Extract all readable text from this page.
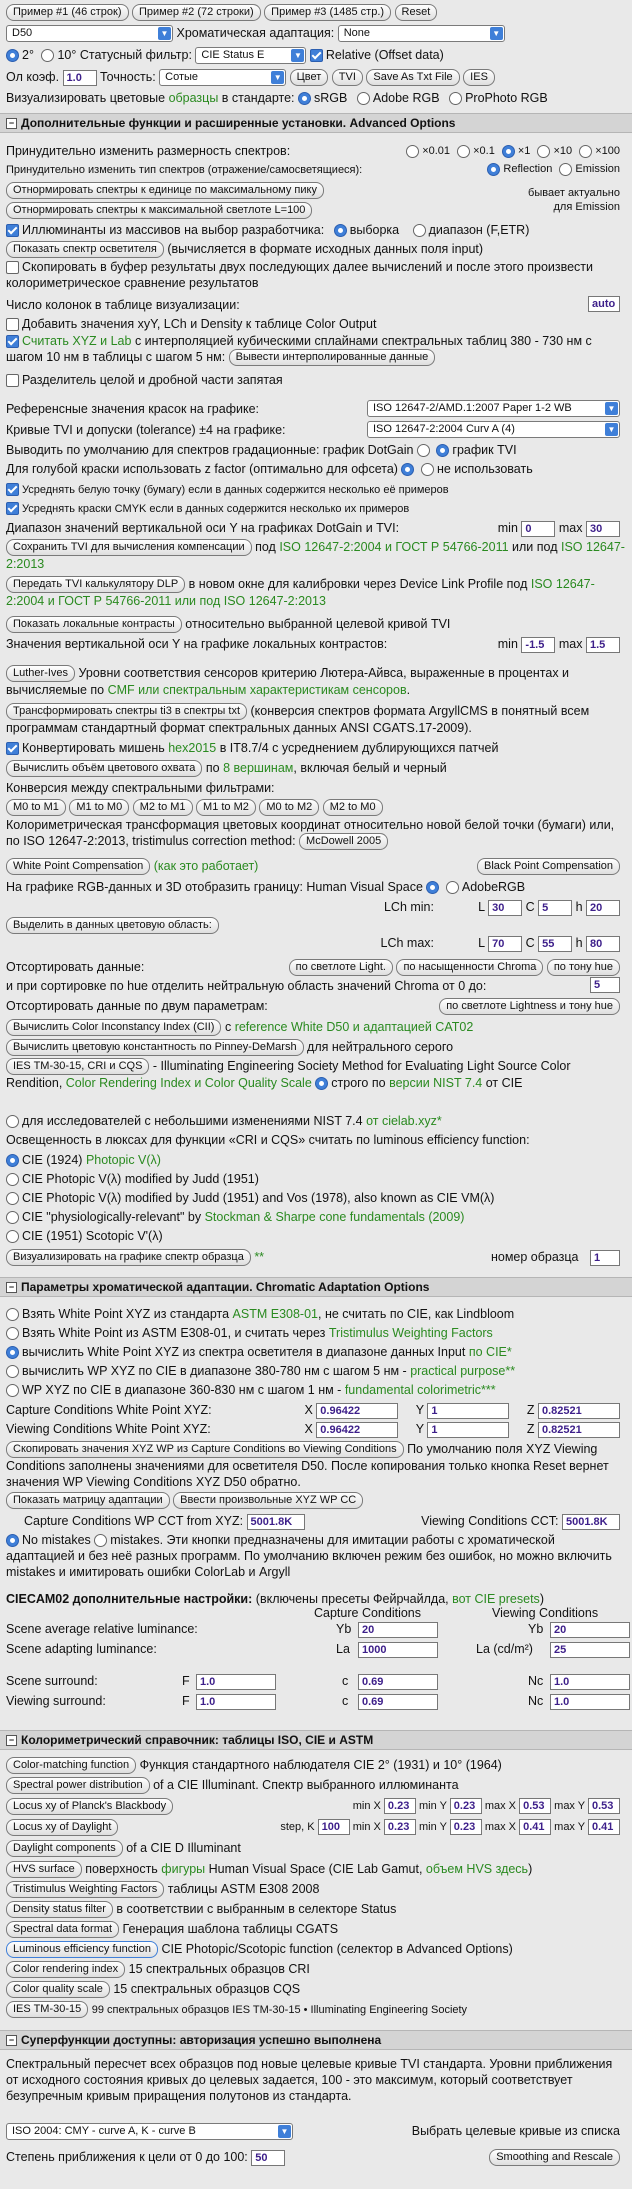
Пример #1 (46 строк) Пример #2 (72 строки) Пример #3 (1485 стр.) Reset
D50	▼ Хроматическая адаптация: None	▼
2° 10° Статусный фильтр: CIE Status E	▼ Relative (Offset data)
Ол коэф. 1.0 Точность: Сотые	▼ Цвет TVI Save As Txt File IES
Визуализировать цветовые образцы в стандарте: sRGB Adobe RGB ProPhoto RGB
− Дополнительные функции и расширенные установки. Advanced Options
Принудительно изменить размерность спектров:	×0.01 ×0.1 ×1 ×10 ×100
Принудительно изменить тип спектров (отражение/самосветящиеся):	Reflection Emission
Отнормировать спектры к единице по максимальному пику	бывает актуально
Отнормировать спектры к максимальной светлоте L=100	для Emission
Иллюминанты из массивов на выбор разработчика: выборка диапазон (F,ETR)
Показать спектр осветителя (вычисляется в формате исходных данных поля input)
Скопировать в буфер результаты двух последующих далее вычислений и после этого произвести колориметрическое сравнение результатов
Число колонок в таблице визуализации:	auto
Добавить значения xyY, LCh и Density к таблице Color Output
Считать XYZ и Lab с интерполяцией кубическими сплайнами спектральных таблиц 380 - 730 нм с шагом 10 нм в таблицы с шагом 5 нм: Вывести интерполированные данные
Разделитель целой и дробной части запятая
Референсные значения красок на графике:	ISO 12647-2/AMD.1:2007 Paper 1-2 WB	▼
Кривые TVI и допуски (tolerance) ±4 на графике:	ISO 12647-2:2004 Curv A (4)	▼
Выводить по умолчанию для спектров градационные: график DotGain	график TVI
Для голубой краски использовать z factor (оптимально для офсета)	не использовать
Усреднять белую точку (бумагу) если в данных содержится несколько её примеров
Усреднять краски CMYK если в данных содержится несколько их примеров
Диапазон значений вертикальной оси Y на графиках DotGain и TVI:	min 0 max 30
Сохранить TVI для вычисления компенсации под ISO 12647-2:2004 и ГОСТ Р 54766-2011 или под ISO 12647-2:2013
Передать TVI калькулятору DLP в новом окне для калибровки через Device Link Profile под ISO 12647-2:2004 и ГОСТ Р 54766-2011 или под ISO 12647-2:2013
Показать локальные контрасты относительно выбранной целевой кривой TVI
Значения вертикальной оси Y на графике локальных контрастов:	min -1.5 max 1.5
Luther-Ives Уровни соответствия сенсоров критерию Лютера-Айвса, выраженные в процентах и вычисляемые по CMF или спектральным характеристикам сенсоров.
Трансформировать спектры ti3 в спектры txt (конверсия спектров формата ArgyllCMS в понятный всем программам стандартный формат спектральных данных ANSI CGATS.17-2009).
Конвертировать мишень hex2015 в IT8.7/4 с усреднением дублирующихся патчей
Вычислить объём цветового охвата по 8 вершинам, включая белый и черный
Конверсия между спектральными фильтрами:
M0 to M1 M1 to M0 M2 to M1 M1 to M2 M0 to M2 M2 to M0
Колориметрическая трансформация цветовых координат относительно новой белой точки (бумаги) или, по ISO 12647-2:2013, tristimulus correction method: McDowell 2005
White Point Compensation (как это работает)	Black Point Compensation
На графике RGB-данных и 3D отобразить границу: Human Visual Space	AdobeRGB
LCh min:	L 30 C 5 h 20
Выделить в данных цветовую область:
LCh max:	L 70 C 55 h 80
Отсортировать данные:	по светлоте Light. по насыщенности Chroma по тону hue
и при сортировке по hue отделить нейтральную область значений Chroma от 0 до:	5
Отсортировать данные по двум параметрам:	по светлоте Lightness и тону hue
Вычислить Color Inconstancy Index (CII) с reference White D50 и адаптацией CAT02
Вычислить цветовую константность по Pinney-DeMarsh для нейтрального серого
IES TM-30-15, CRI и CQS - Illuminating Engineering Society Method for Evaluating Light Source Color Rendition, Color Rendering Index и Color Quality Scale строго по версии NIST 7.4 от CIE
для исследователей с небольшими изменениями NIST 7.4 от cielab.xyz*
Освещенность в люксах для функции «CRI и CQS» считать по luminous efficiency function:
CIE (1924) Photopic V(λ)
CIE Photopic V(λ) modified by Judd (1951)
CIE Photopic V(λ) modified by Judd (1951) and Vos (1978), also known as CIE VM(λ)
CIE "physiologically-relevant" by Stockman & Sharpe cone fundamentals (2009)
CIE (1951) Scotopic V'(λ)
Визуализировать на графике спектр образца **	номер образца 1
− Параметры хроматической адаптации. Chromatic Adaptation Options
Взять White Point XYZ из стандарта ASTM E308-01, не считать по CIE, как Lindbloom
Взять White Point из ASTM E308-01, и считать через Tristimulus Weighting Factors
вычислить White Point XYZ из спектра осветителя в диапазоне данных Input по CIE*
вычислить WP XYZ по CIE в диапазоне 380-780 нм с шагом 5 нм - practical purpose**
WP XYZ по CIE в диапазоне 360-830 нм с шагом 1 нм - fundamental colorimetric***
Capture Conditions White Point XYZ:	X 0.96422	Y 1	Z 0.82521
Viewing Conditions White Point XYZ:	X 0.96422	Y 1	Z 0.82521
Скопировать значения XYZ WP из Capture Conditions во Viewing Conditions По умолчанию поля XYZ Viewing Conditions заполнены значениями для осветителя D50. После копирования только кнопка Reset вернет значения WP Viewing Conditions XYZ D50 обратно.
Показать матрицу адаптации Ввести произвольные XYZ WP CC
Capture Conditions WP CCT from XYZ: 5001.8K	Viewing Conditions CCT: 5001.8K
No mistakes mistakes. Эти кнопки предназначены для имитации работы с хроматической адаптацией и без неё разных программ. По умолчанию включен режим без ошибок, но можно включить mistakes и имитировать ошибки ColorLab и Argyll
CIECAM02 дополнительные настройки: (включены пресеты Фейрчайлда, вот CIE presets)
Capture Conditions	Viewing Conditions
Scene average relative luminance:	Yb 20	Yb 20
Scene adapting luminance:	La	1000	La (cd/m²)	25
Scene surround:	F 1.0	c	0.69	Nc 1.0
Viewing surround:	F 1.0	c	0.69	Nc 1.0
− Колориметрический справочник: таблицы ISO, CIE и ASTM
Color-matching function Функция стандартного наблюдателя CIE 2° (1931) и 10° (1964)
Spectral power distribution of a CIE Illuminant. Спектр выбранного иллюминанта
Locus xy of Planck's Blackbody	min X 0.23 min Y 0.23 max X 0.53 max Y 0.53
Locus xy of Daylight	step, K 100 min X 0.23 min Y 0.23 max X 0.41 max Y 0.41
Daylight components of a CIE D Illuminant
HVS surface поверхность фигуры Human Visual Space (CIE Lab Gamut, объем HVS здесь)
Tristimulus Weighting Factors таблицы ASTM E308 2008
Density status filter в соответствии с выбранным в селекторе Status
Spectral data format Генерация шаблона таблицы CGATS
Luminous efficiency function CIE Photopic/Scotopic function (селектор в Advanced Options)
Color rendering index 15 спектральных образцов CRI
Color quality scale 15 спектральных образцов CQS
IES TM-30-15 99 спектральных образцов IES TM-30-15 • Illuminating Engineering Society
− Суперфункции доступны: авторизация успешно выполнена
Спектральный пересчет всех образцов под новые целевые кривые TVI стандарта. Уровни приближения от исходного состояния кривых до целевых задается, 100 - это максимум, который соответствует безупречным кривым приращения полутонов из стандарта.
ISO 2004: CMY - curve A, K - curve B	▼	Выбрать целевые кривые из списка
Степень приближения к цели от 0 до 100: 50	Smoothing and Rescale
